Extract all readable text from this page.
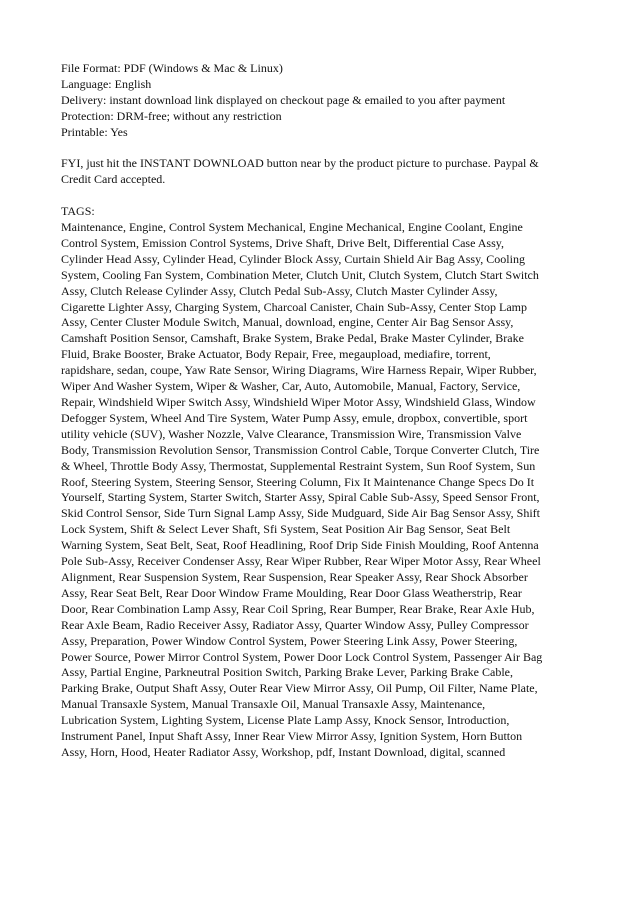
File Format: PDF (Windows & Mac & Linux)
Language: English
Delivery: instant download link displayed on checkout page & emailed to you after payment
Protection: DRM-free; without any restriction
Printable: Yes
FYI, just hit the INSTANT DOWNLOAD button near by the product picture to purchase. Paypal &
Credit Card accepted.
TAGS:
Maintenance, Engine, Control System Mechanical, Engine Mechanical, Engine Coolant, Engine
Control System, Emission Control Systems, Drive Shaft, Drive Belt, Differential Case Assy,
Cylinder Head Assy, Cylinder Head, Cylinder Block Assy, Curtain Shield Air Bag Assy, Cooling
System, Cooling Fan System, Combination Meter, Clutch Unit, Clutch System, Clutch Start Switch
Assy, Clutch Release Cylinder Assy, Clutch Pedal Sub-Assy, Clutch Master Cylinder Assy,
Cigarette Lighter Assy, Charging System, Charcoal Canister, Chain Sub-Assy, Center Stop Lamp
Assy, Center Cluster Module Switch, Manual, download, engine, Center Air Bag Sensor Assy,
Camshaft Position Sensor, Camshaft, Brake System, Brake Pedal, Brake Master Cylinder, Brake
Fluid, Brake Booster, Brake Actuator, Body Repair, Free, megaupload, mediafire, torrent,
rapidshare, sedan, coupe, Yaw Rate Sensor, Wiring Diagrams, Wire Harness Repair, Wiper Rubber,
Wiper And Washer System, Wiper & Washer, Car, Auto, Automobile, Manual, Factory, Service,
Repair, Windshield Wiper Switch Assy, Windshield Wiper Motor Assy, Windshield Glass, Window
Defogger System, Wheel And Tire System, Water Pump Assy, emule, dropbox, convertible, sport
utility vehicle (SUV), Washer Nozzle, Valve Clearance, Transmission Wire, Transmission Valve
Body, Transmission Revolution Sensor, Transmission Control Cable, Torque Converter Clutch, Tire
& Wheel, Throttle Body Assy, Thermostat, Supplemental Restraint System, Sun Roof System, Sun
Roof, Steering System, Steering Sensor, Steering Column, Fix It Maintenance Change Specs Do It
Yourself, Starting System, Starter Switch, Starter Assy, Spiral Cable Sub-Assy, Speed Sensor Front,
Skid Control Sensor, Side Turn Signal Lamp Assy, Side Mudguard, Side Air Bag Sensor Assy, Shift
Lock System, Shift & Select Lever Shaft, Sfi System, Seat Position Air Bag Sensor, Seat Belt
Warning System, Seat Belt, Seat, Roof Headlining, Roof Drip Side Finish Moulding, Roof Antenna
Pole Sub-Assy, Receiver Condenser Assy, Rear Wiper Rubber, Rear Wiper Motor Assy, Rear Wheel
Alignment, Rear Suspension System, Rear Suspension, Rear Speaker Assy, Rear Shock Absorber
Assy, Rear Seat Belt, Rear Door Window Frame Moulding, Rear Door Glass Weatherstrip, Rear
Door, Rear Combination Lamp Assy, Rear Coil Spring, Rear Bumper, Rear Brake, Rear Axle Hub,
Rear Axle Beam, Radio Receiver Assy, Radiator Assy, Quarter Window Assy, Pulley Compressor
Assy, Preparation, Power Window Control System, Power Steering Link Assy, Power Steering,
Power Source, Power Mirror Control System, Power Door Lock Control System, Passenger Air Bag
Assy, Partial Engine, Parkneutral Position Switch, Parking Brake Lever, Parking Brake Cable,
Parking Brake, Output Shaft Assy, Outer Rear View Mirror Assy, Oil Pump, Oil Filter, Name Plate,
Manual Transaxle System, Manual Transaxle Oil, Manual Transaxle Assy, Maintenance,
Lubrication System, Lighting System, License Plate Lamp Assy, Knock Sensor, Introduction,
Instrument Panel, Input Shaft Assy, Inner Rear View Mirror Assy, Ignition System, Horn Button
Assy, Horn, Hood, Heater Radiator Assy, Workshop, pdf, Instant Download, digital, scanned
